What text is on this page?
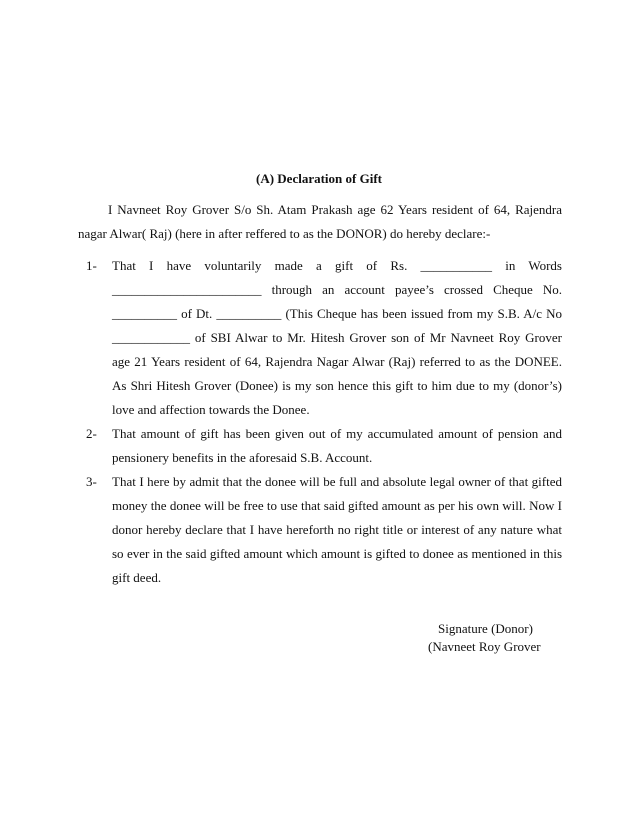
(A) Declaration of Gift
I Navneet Roy Grover S/o Sh. Atam Prakash age 62 Years resident of 64, Rajendra nagar Alwar( Raj) (here in after reffered to as the DONOR) do hereby declare:-
1- That I have voluntarily made a gift of Rs. ___________ in Words _______________________ through an account payee’s crossed Cheque No. __________ of Dt. __________ (This Cheque has been issued from my S.B. A/c No ____________ of SBI Alwar to Mr. Hitesh Grover son of Mr Navneet Roy Grover age 21 Years resident of 64, Rajendra Nagar Alwar (Raj) referred to as the DONEE. As Shri Hitesh Grover (Donee) is my son hence this gift to him due to my (donor’s) love and affection towards the Donee.
2- That amount of gift has been given out of my accumulated amount of pension and pensionery benefits in the aforesaid S.B. Account.
3- That I here by admit that the donee will be full and absolute legal owner of that gifted money the donee will be free to use that said gifted amount as per his own will. Now I donor hereby declare that I have hereforth no right title or interest of any nature what so ever in the said gifted amount which amount is gifted to donee as mentioned in this gift deed.
Signature (Donor)
(Navneet Roy Grover
